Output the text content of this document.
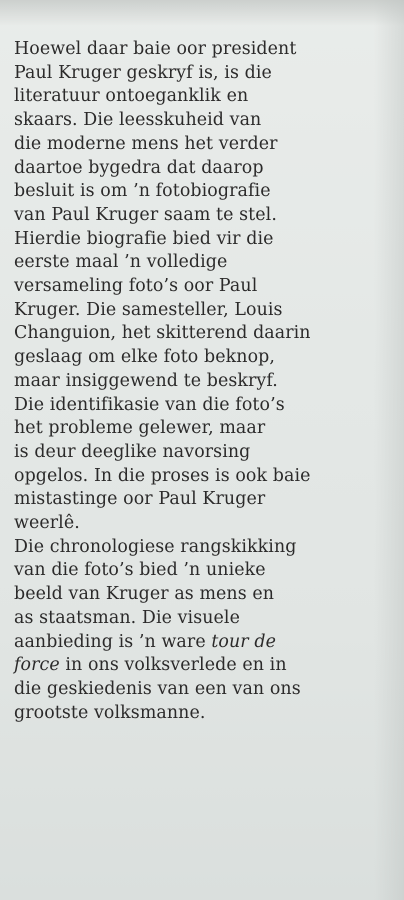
Hoewel daar baie oor president
Paul Kruger geskryf is, is die
literatuur ontoeganklik en
skaars. Die leesskuheid van
die moderne mens het verder
daartoe bygedra dat daarop
besluit is om ’n fotobiografie
van Paul Kruger saam te stel.
Hierdie biografie bied vir die
eerste maal ’n volledige
versameling foto’s oor Paul
Kruger. Die samesteller, Louis
Changuion, het skitterend daarin
geslaag om elke foto beknop,
maar insiggewend te beskryf.
Die identifikasie van die foto’s
het probleme gelewer, maar
is deur deeglike navorsing
opgelos. In die proses is ook baie
mistastinge oor Paul Kruger
weerlê.

Die chronologiese rangskikking
van die foto’s bied ’n unieke
beeld van Kruger as mens en
as staatsman. Die visuele
aanbieding is ’n ware tour de
force in ons volksverlede en in
die geskiedenis van een van ons
grootste volksmanne.
